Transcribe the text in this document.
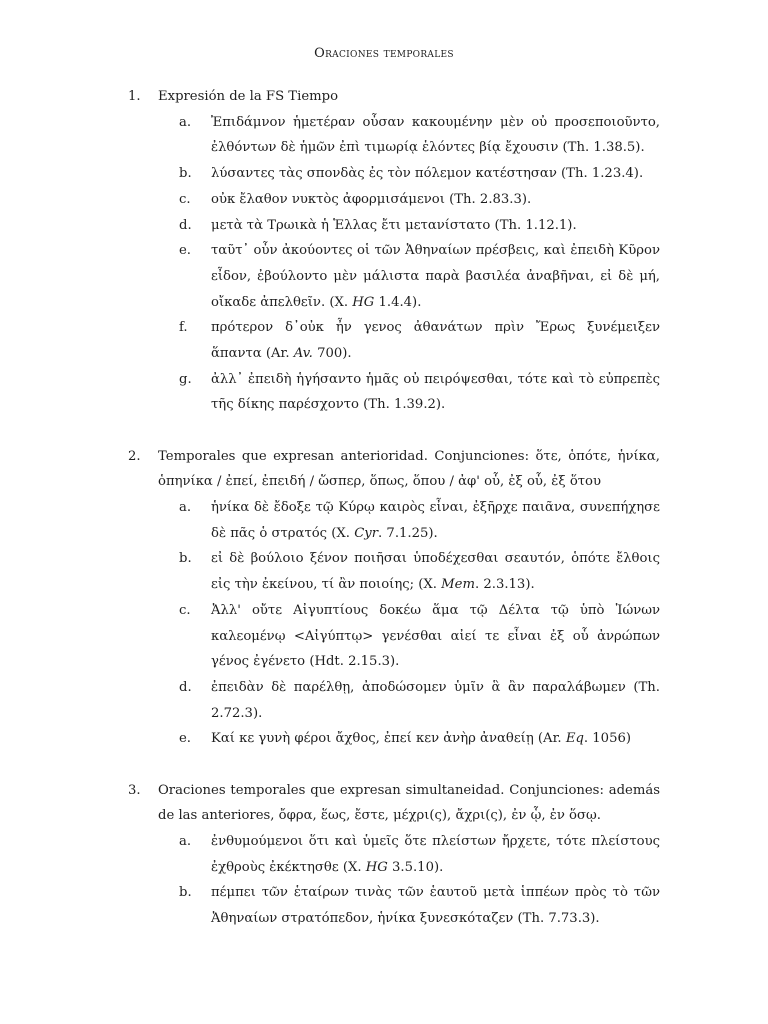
Oraciones temporales
1.	Expresión de la FS Tiempo
a. Ἐπιδάμνον ἡμετέραν οὖσαν κακουμένην μὲν οὐ προσεποιοῦντο, ἐλθόντων δὲ ἡμῶν ἐπὶ τιμωρίᾳ ἑλόντες βίᾳ ἔχουσιν (Th. 1.38.5).
b. λύσαντες τὰς σπονδὰς ἐς τὸν πόλεμον κατέστησαν (Th. 1.23.4).
c. οὐκ ἔλαθον νυκτὸς ἀφορμισάμενοι (Th. 2.83.3).
d. μετὰ τὰ Τρωικὰ ἡ Ἑλλας ἔτι μετανίστατο (Th. 1.12.1).
e. ταῦτ᾽ οὖν ἀκούοντες οἱ τῶν Ἀθηναίων πρέσβεις, καὶ ἐπειδὴ Κῦρον εἶδον, ἐβούλοντο μὲν μάλιστα παρὰ βασιλέα ἀναβῆναι, εἰ δὲ μή, οἴκαδε ἀπελθεῖν. (X. HG 1.4.4).
f. πρότερον δ᾽οὐκ ἦν γενος ἀθανάτων πρὶν Ἔρως ξυνέμειξεν ἅπαντα (Ar. Av. 700).
g. ἀλλ᾽ ἐπειδὴ ἡγήσαντο ἡμᾶς οὐ πειρόψεσθαι, τότε καὶ τὸ εὐπρεπὲς τῆς δίκης παρέσχοντο (Th. 1.39.2).
2.	Temporales que expresan anterioridad. Conjunciones: ὅτε, ὁπότε, ἡνίκα, ὁπηνίκα / ἐπεί, ἐπειδή / ὥσπερ, ὅπως, ὅπου / ἀφ' οὗ, ἐξ οὗ, ἐξ ὅτου
a. ἡνίκα δὲ ἔδοξε τῷ Κύρῳ καιρὸς εἶναι, ἐξῆρχε παιᾶνα, συνεπήχησε δὲ πᾶς ὁ στρατός (X. Cyr. 7.1.25).
b. εἰ δὲ βούλοιο ξένον ποιῆσαι ὑποδέχεσθαι σεαυτόν, ὁπότε ἔλθοις εἰς τὴν ἐκείνου, τί ἂν ποιοίης; (X. Mem. 2.3.13).
c. Ἀλλ' οὔτε Αἰγυπτίους δοκέω ἅμα τῷ Δέλτα τῷ ὑπὸ Ἰώνων καλεομένῳ <Αἰγύπτῳ> γενέσθαι αἰεί τε εἶναι ἐξ οὗ ἀνρώπων γένος ἐγένετο (Hdt. 2.15.3).
d. ἐπειδὰν δὲ παρέλθῃ, ἀποδώσομεν ὑμῖν ἃ ἂν παραλάβωμεν (Th. 2.72.3).
e. Καί κε γυνὴ φέροι ἄχθος, ἐπεί κεν ἀνὴρ ἀναθείῃ (Ar. Eq. 1056)
3.	Oraciones temporales que expresan simultaneidad. Conjunciones: además de las anteriores, ὄφρα, ἕως, ἔστε, μέχρι(ς), ἄχρι(ς), ἐν ᾧ, ἐν ὅσῳ.
a. ἐνθυμούμενοι ὅτι καὶ ὑμεῖς ὅτε πλείστων ἤρχετε, τότε πλείστους ἐχθροὺς ἐκέκτησθε (X. HG 3.5.10).
b. πέμπει τῶν ἑταίρων τινὰς τῶν ἑαυτοῦ μετὰ ἱππέων πρὸς τὸ τῶν Ἀθηναίων στρατόπεδον, ἡνίκα ξυνεσκόταζεν (Th. 7.73.3).
